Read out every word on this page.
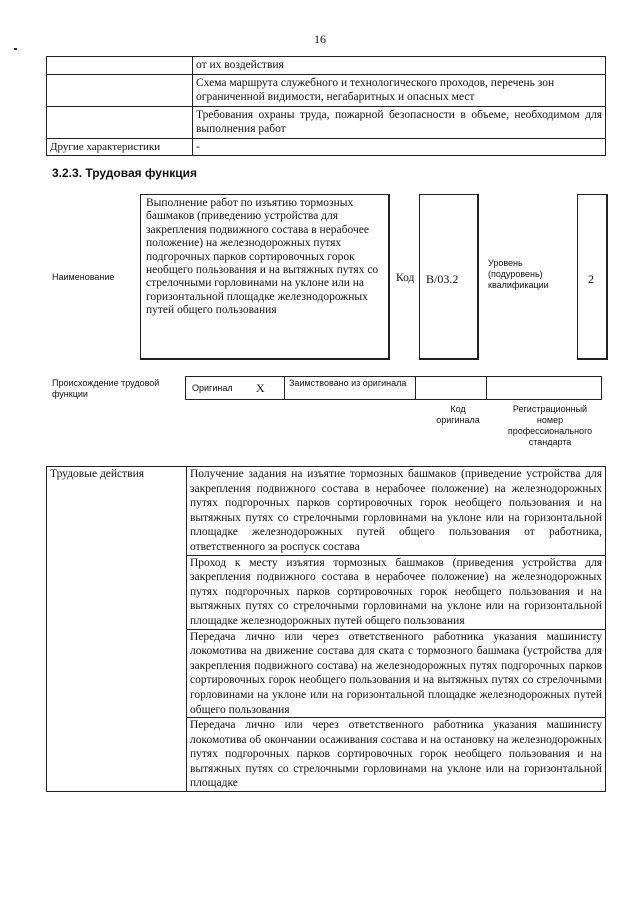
16
	от их воздействия
	Схема маршрута служебного и технологического проходов, перечень зон ограниченной видимости, негабаритных и опасных мест
	Требования охраны труда, пожарной безопасности в объеме, необходимом для выполнения работ
Другие характеристики	-
3.2.3. Трудовая функция
Наименование
Выполнение работ по изъятию тормозных башмаков (приведению устройства для закрепления подвижного состава в нерабочее положение) на железнодорожных путях подгорочных парков сортировочных горок необщего пользования и на вытяжных путях со стрелочными горловинами на уклоне или на горизонтальной площадке железнодорожных путей общего пользования
Код В/03.2
Уровень (подуровень) квалификации	2
Происхождение трудовой функции
Оригинал X	Заимствовано из оригинала
Код оригинала
Регистрационный номер профессионального стандарта
Трудовые действия	Получение задания на изъятие тормозных башмаков (приведение устройства для закрепления подвижного состава в нерабочее положение) на железнодорожных путях подгорочных парков сортировочных горок необщего пользования и на вытяжных путях со стрелочными горловинами на уклоне или на горизонтальной площадке железнодорожных путей общего пользования от работника, ответственного за роспуск состава

Проход к месту изъятия тормозных башмаков (приведения устройства для закрепления подвижного состава в нерабочее положение) на железнодорожных путях подгорочных парков сортировочных горок необщего пользования и на вытяжных путях со стрелочными горловинами на уклоне или на горизонтальной площадке железнодорожных путей общего пользования

Передача лично или через ответственного работника указания машинисту локомотива на движение состава для ската с тормозного башмака (устройства для закрепления подвижного состава) на железнодорожных путях подгорочных парков сортировочных горок необщего пользования и на вытяжных путях со стрелочными горловинами на уклоне или на горизонтальной площадке железнодорожных путей общего пользования

Передача лично или через ответственного работника указания машинисту локомотива об окончании осаживания состава и на остановку на железнодорожных путях подгорочных парков сортировочных горок необщего пользования и на вытяжных путях со стрелочными горловинами на уклоне или на горизонтальной площадке
